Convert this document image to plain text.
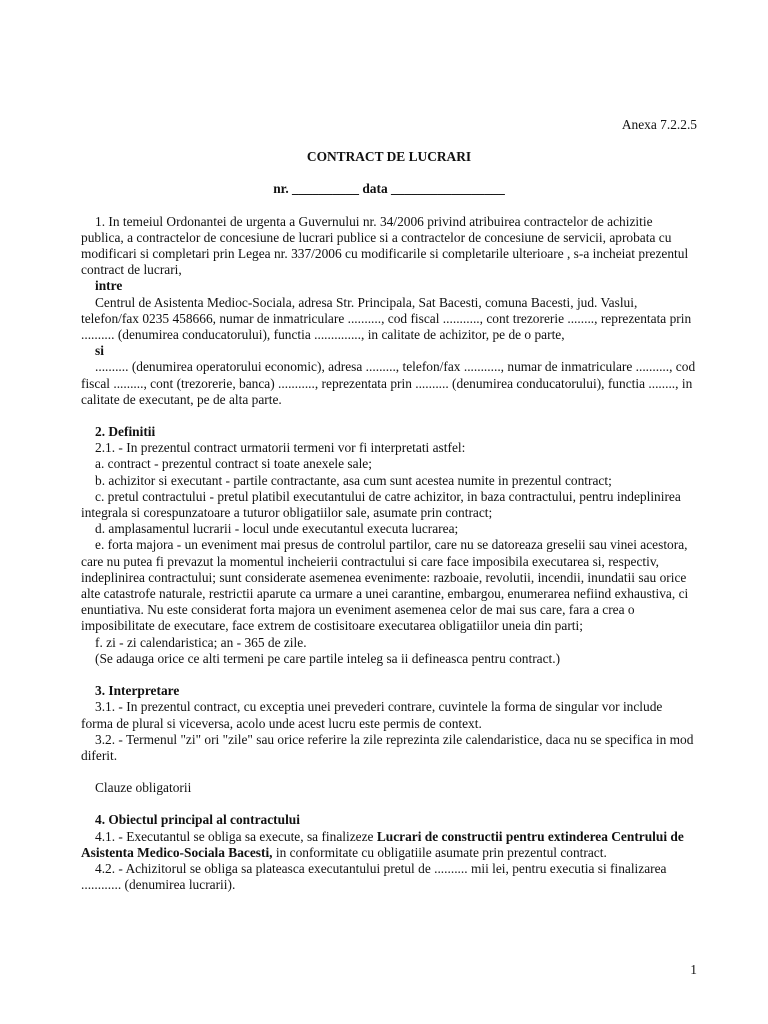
Anexa 7.2.2.5

CONTRACT DE LUCRARI

nr. __________ data _________________

1. In temeiul Ordonantei de urgenta a Guvernului nr. 34/2006 privind atribuirea contractelor de achizitie publica, a contractelor de concesiune de lucrari publice si a contractelor de concesiune de servicii, aprobata cu modificari si completari prin Legea nr. 337/2006 cu modificarile si completarile ulterioare , s-a incheiat prezentul contract de lucrari,

intre

Centrul de Asistenta Medioc-Sociala, adresa Str. Principala, Sat Bacesti, comuna Bacesti, jud. Vaslui, telefon/fax 0235 458666, numar de inmatriculare .........., cod fiscal ..........., cont trezorerie ........, reprezentata prin .......... (denumirea conducatorului), functia .............., in calitate de achizitor, pe de o parte,

si

.......... (denumirea operatorului economic), adresa ........., telefon/fax ..........., numar de inmatriculare .........., cod fiscal ........., cont (trezorerie, banca) ..........., reprezentata prin .......... (denumirea conducatorului), functia ........, in calitate de executant, pe de alta parte.

2. Definitii

2.1. - In prezentul contract urmatorii termeni vor fi interpretati astfel:

a. contract - prezentul contract si toate anexele sale;

b. achizitor si executant - partile contractante, asa cum sunt acestea numite in prezentul contract;

c. pretul contractului - pretul platibil executantului de catre achizitor, in baza contractului, pentru indeplinirea integrala si corespunzatoare a tuturor obligatiilor sale, asumate prin contract;

d. amplasamentul lucrarii - locul unde executantul executa lucrarea;

e. forta majora - un eveniment mai presus de controlul partilor, care nu se datoreaza greselii sau vinei acestora, care nu putea fi prevazut la momentul incheierii contractului si care face imposibila executarea si, respectiv, indeplinirea contractului; sunt considerate asemenea evenimente: razboaie, revolutii, incendii, inundatii sau orice alte catastrofe naturale, restrictii aparute ca urmare a unei carantine, embargou, enumerarea nefiind exhaustiva, ci enuntiativa. Nu este considerat forta majora un eveniment asemenea celor de mai sus care, fara a crea o imposibilitate de executare, face extrem de costisitoare executarea obligatiilor uneia din parti;

f. zi - zi calendaristica; an - 365 de zile.

(Se adauga orice ce alti termeni pe care partile inteleg sa ii defineasca pentru contract.)

3. Interpretare

3.1. - In prezentul contract, cu exceptia unei prevederi contrare, cuvintele la forma de singular vor include forma de plural si viceversa, acolo unde acest lucru este permis de context.

3.2. - Termenul "zi" ori "zile" sau orice referire la zile reprezinta zile calendaristice, daca nu se specifica in mod diferit.

Clauze obligatorii

4. Obiectul principal al contractului

4.1. - Executantul se obliga sa execute, sa finalizeze Lucrari de constructii pentru extinderea Centrului de Asistenta Medico-Sociala Bacesti, in conformitate cu obligatiile asumate prin prezentul contract.

4.2. - Achizitorul se obliga sa plateasca executantului pretul de .......... mii lei, pentru executia si finalizarea ............ (denumirea lucrarii).

1
